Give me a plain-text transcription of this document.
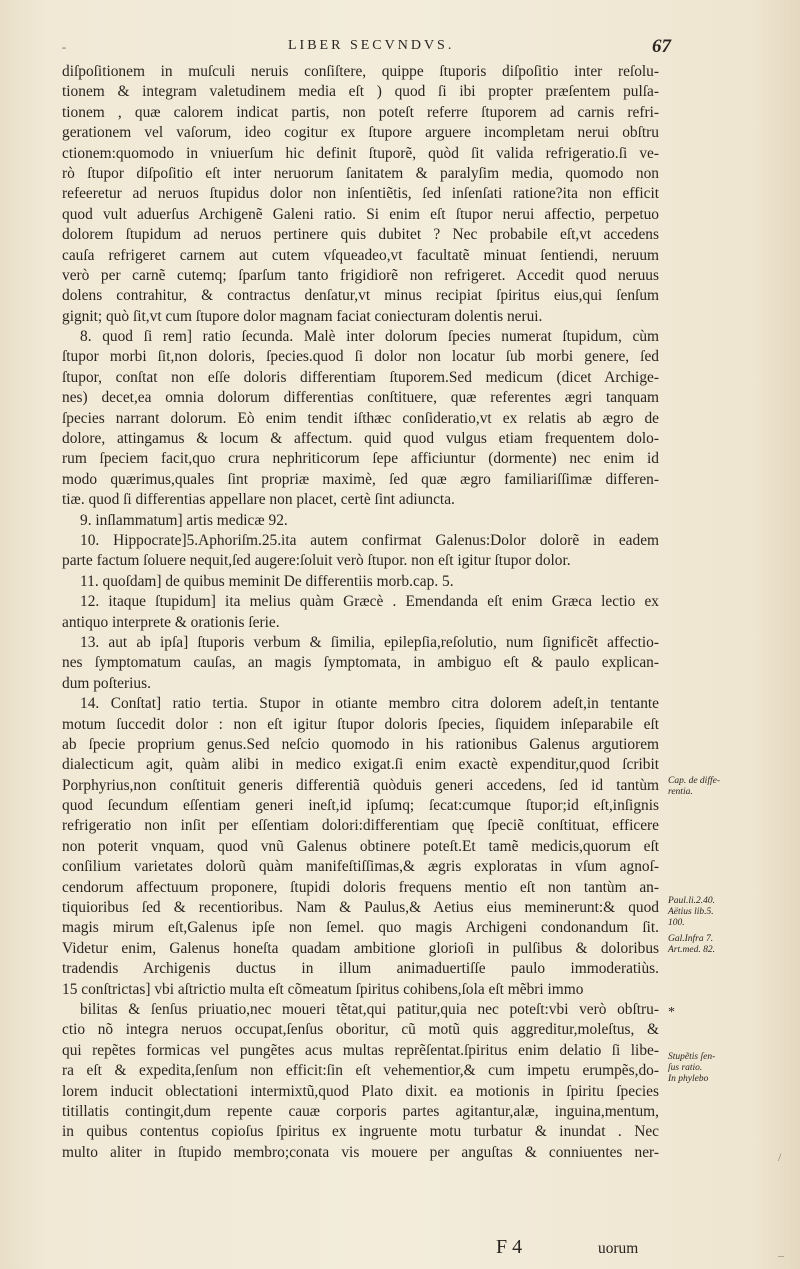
-	LIBER SECVNDVS.	67
diſpoſitionem in muſculi neruis conſiſtere, quippe ſtuporis diſpoſitio inter reſolu-
tionem & integram valetudinem media eſt ) quod ſi ibi propter præſentem pulſa-
tionem , quæ calorem indicat partis, non poteſt referre ſtuporem ad carnis refri-
gerationem vel vaſorum, ideo cogitur ex ſtupore arguere incompletam nerui obſtru
ctionem:quomodo in vniuerſum hic definit ſtuporẽ, quòd ſit valida refrigeratio.ſi ve-
rò ſtupor diſpoſitio eſt inter neruorum ſanitatem & paralyſim media, quomodo non
refeeretur ad neruos ſtupidus dolor non inſentiẽtis, ſed inſenſati ratione?ita non efficit
quod vult aduerſus Archigenẽ Galeni ratio. Si enim eſt ſtupor nerui affectio, perpetuo
dolorem ſtupidum ad neruos pertinere quis dubitet ? Nec probabile eſt,vt accedens
cauſa refrigeret carnem aut cutem vſqueadeo,vt facultatẽ minuat ſentiendi, neruum
verò per carnẽ cutemq; ſparſum tanto frigidiorẽ non refrigeret. Accedit quod neruus
dolens contrahitur, & contractus denſatur,vt minus recipiat ſpiritus eius,qui ſenſum
gignit; quò ſit,vt cum ſtupore dolor magnam faciat coniecturam dolentis nerui.
8. quod ſi rem] ratio ſecunda. Malè inter dolorum ſpecies numerat ſtupidum, cùm
ſtupor morbi ſit,non doloris, ſpecies.quod ſi dolor non locatur ſub morbi genere, ſed
ſtupor, conſtat non eſſe doloris differentiam ſtuporem.Sed medicum (dicet Archige-
nes) decet,ea omnia dolorum differentias conſtituere, quæ referentes ægri tanquam
ſpecies narrant dolorum. Eò enim tendit iſthæc conſideratio,vt ex relatis ab ægro de
dolore, attingamus & locum & affectum. quid quod vulgus etiam frequentem dolo-
rum ſpeciem facit,quo crura nephriticorum ſepe afficiuntur (dormente) nec enim id
modo quærimus,quales ſint propriæ maximè, ſed quæ ægro familiariſſimæ differen-
tiæ. quod ſi differentias appellare non placet, certè ſint adiuncta.
9. inſlammatum] artis medicæ 92.
10. Hippocrate]5.Aphoriſm.25.ita autem confirmat Galenus:Dolor dolorẽ in eadem
parte factum ſoluere nequit,ſed augere:ſoluit verò ſtupor. non eſt igitur ſtupor dolor.
11. quoſdam] de quibus meminit De differentiis morb.cap. 5.
12. itaque ſtupidum] ita melius quàm Græcè . Emendanda eſt enim Græca lectio ex
antiquo interprete & orationis ſerie.
13. aut ab ipſa] ſtuporis verbum & ſimilia, epilepſia,reſolutio, num ſignificẽt affectio-
nes ſymptomatum cauſas, an magis ſymptomata, in ambiguo eſt & paulo explican-
dum poſterius.
14. Conſtat] ratio tertia. Stupor in otiante membro citra dolorem adeſt,in tentante
motum ſuccedit dolor : non eſt igitur ſtupor doloris ſpecies, ſiquidem inſeparabile eſt
ab ſpecie proprium genus.Sed neſcio quomodo in his rationibus Galenus argutiorem
dialecticum agit, quàm alibi in medico exigat.ſi enim exactè expenditur,quod ſcribit
Porphyrius,non conſtituit generis differentiã quòduis generi accedens, ſed id tantùm
quod ſecundum eſſentiam generi ineſt,id ipſumq; ſecat:cumque ſtupor;id eſt,inſignis
refrigeratio non inſit per eſſentiam dolori:differentiam quę ſpeciẽ conſtituat, efficere
non poterit vnquam, quod vnũ Galenus obtinere poteſt.Et tamẽ medicis,quorum eſt
conſilium varietates dolorũ quàm manifeſtiſſimas,& ægris exploratas in vſum agnoſ-
cendorum affectuum proponere, ſtupidi doloris frequens mentio eſt non tantùm an-
tiquioribus ſed & recentioribus. Nam & Paulus,& Aetius eius meminerunt:& quod
magis mirum eſt,Galenus ipſe non ſemel. quo magis Archigeni condonandum ſit.
Videtur enim, Galenus honeſta quadam ambitione glorioſi in pulſibus & doloribus
tradendis Archigenis ductus in illum animaduertiſſe paulo immoderatiùs.
15 conſtrictas] vbi aſtrictio multa eſt cõmeatum ſpiritus cohibens,ſola eſt mẽbri immo
bilitas & ſenſus priuatio,nec moueri tẽtat,qui patitur,quia nec poteſt:vbi verò obſtru-
ctio nõ integra neruos occupat,ſenſus oboritur, cũ motũ quis aggreditur,moleſtus, &
qui repẽtes formicas vel pungẽtes acus multas reprẽſentat.ſpiritus enim delatio ſi libe-
ra eſt & expedita,ſenſum non efficit:ſin eſt vehementior,& cum impetu erumpẽs,do-
lorem inducit oblectationi intermixtũ,quod Plato dixit. ea motionis in ſpiritu ſpecies
titillatis contingit,dum repente cauæ corporis partes agitantur,alæ, inguina,mentum,
in quibus contentus copioſus ſpiritus ex ingruente motu turbatur & inundat . Nec
multo aliter in ſtupido membro;conata vis mouere per anguſtas & conniuentes ner-
Cap. de diffe-
rentia.
Paul.li.2.40.
Aëtius lib.5.
100.
Gal.Infra 7.
Art.med. 82.
Stupẽtis ſen-
ſus ratio.
In phylebo
*
/
–
F 4	uorum
